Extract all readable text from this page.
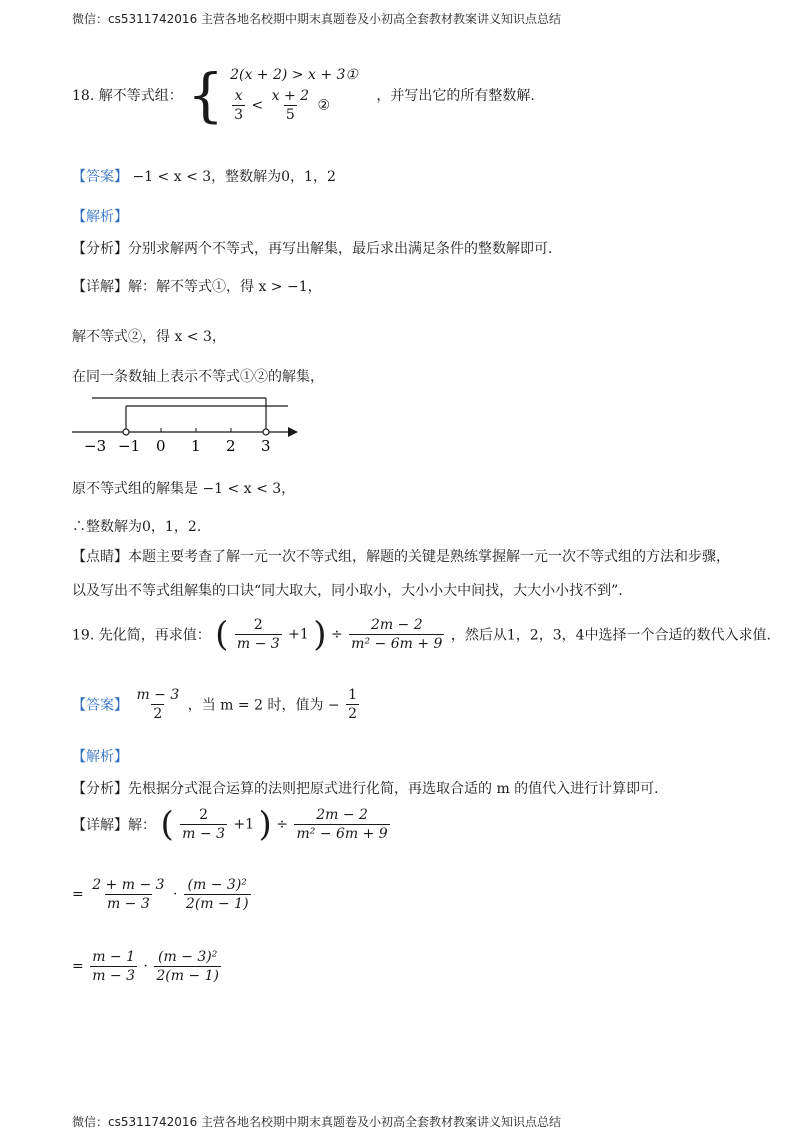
微信：cs5311742016 主营各地名校期中期末真题卷及小初高全套教材教案讲义知识点总结
18. 解不等式组： { 2(x + 2) > x + 3①
$\frac{x}{3} < \frac{x + 2}{5}$ ②
，并写出它的所有整数解.
【答案】 −1 < x < 3，整数解为0，1，2
【解析】
【分析】分别求解两个不等式，再写出解集，最后求出满足条件的整数解即可.
【详解】解：解不等式①，得 x > −1，
解不等式②，得 x < 3，
在同一条数轴上表示不等式①②的解集，
−3 −1 0 1 2 3
原不等式组的解集是 −1 < x < 3，
∴整数解为0，1，2.
【点睛】本题主要考查了解一元一次不等式组，解题的关键是熟练掌握解一元一次不等式组的方法和步骤，
以及写出不等式组解集的口诀“同大取大，同小取小，大小小大中间找，大大小小找不到”.
19. 先化简，再求值： ( $\frac{2}{m - 3} +1$ ) ÷ $\frac{2m - 2}{\text{m² − 6m + 9}}$ ，然后从1，2，3，4中选择一个合适的数代入求值.
【答案】 $\frac{m - 3}{2}$ ，当 m = 2 时，值为 − $\frac{1}{2}$
【解析】
【分析】先根据分式混合运算的法则把原式进行化简，再选取合适的 m 的值代入进行计算即可.
【详解】解： ( $\frac{2}{m - 3} +1$ ) ÷ $\frac{2m - 2}{\text{m² − 6m + 9}}$
= $\frac{2 + m - 3}{m - 3} \cdot \frac{\text{(m − 3)²}}{2(m - 1)}$
= $\frac{m - 1}{m - 3} \cdot \frac{\text{(m − 3)²}}{2(m - 1)}$
微信：cs5311742016 主营各地名校期中期末真题卷及小初高全套教材教案讲义知识点总结
